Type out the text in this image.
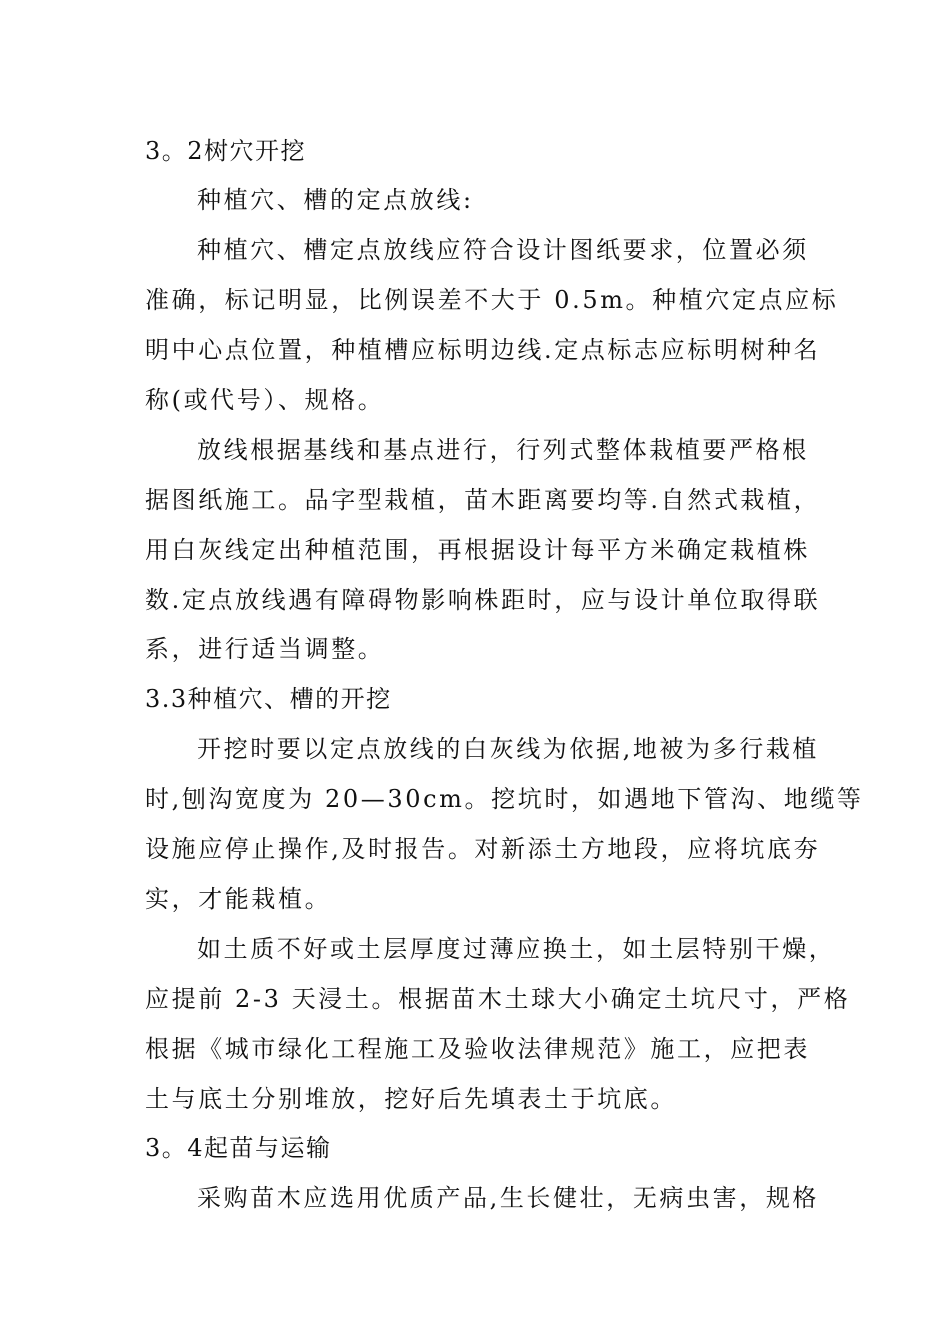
3。2树穴开挖
种植穴、槽的定点放线:
种植穴、槽定点放线应符合设计图纸要求，位置必须
准确，标记明显，比例误差不大于 0.5m。种植穴定点应标
明中心点位置，种植槽应标明边线.定点标志应标明树种名
称(或代号）、规格。
放线根据基线和基点进行，行列式整体栽植要严格根
据图纸施工。品字型栽植，苗木距离要均等.自然式栽植，
用白灰线定出种植范围，再根据设计每平方米确定栽植株
数.定点放线遇有障碍物影响株距时，应与设计单位取得联
系，进行适当调整。
3.3种植穴、槽的开挖
开挖时要以定点放线的白灰线为依据,地被为多行栽植
时,刨沟宽度为 20—30cm。挖坑时，如遇地下管沟、地缆等
设施应停止操作,及时报告。对新添土方地段，应将坑底夯
实，才能栽植。
如土质不好或土层厚度过薄应换土，如土层特别干燥，
应提前 2-3 天浸土。根据苗木土球大小确定土坑尺寸，严格
根据《城市绿化工程施工及验收法律规范》施工，应把表
土与底土分别堆放，挖好后先填表土于坑底。
3。4起苗与运输
采购苗木应选用优质产品,生长健壮，无病虫害，规格
